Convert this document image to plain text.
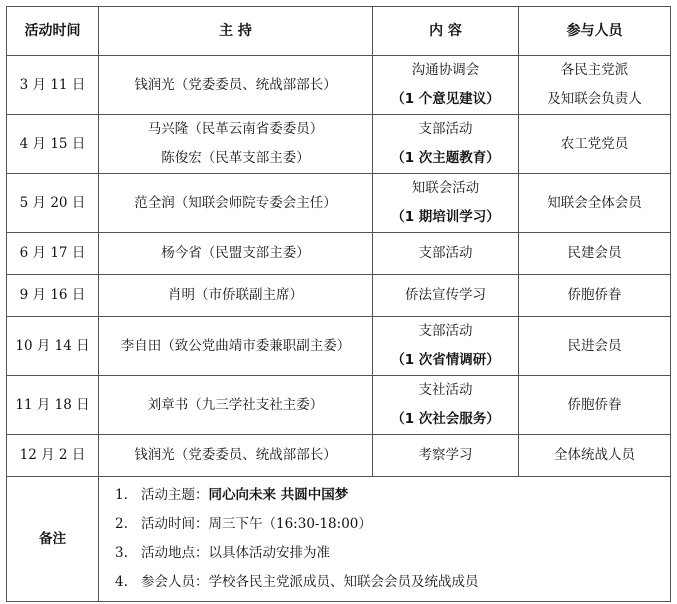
活动时间	主 持	内 容	参与人员
3 月 11 日	钱润光（党委委员、统战部部长）	沟通协调会
（1 个意见建议）	各民主党派
及知联会负责人

4 月 15 日	马兴隆（民革云南省委委员）
陈俊宏（民革支部主委）	支部活动
（1 次主题教育）	农工党党员

5 月 20 日	范全润（知联会师院专委会主任）	知联会活动
（1 期培训学习）	知联会全体会员

6 月 17 日	杨今省（民盟支部主委）	支部活动	民建会员

9 月 16 日	肖明（市侨联副主席）	侨法宣传学习	侨胞侨眷

10 月 14 日	李自田（致公党曲靖市委兼职副主委）	支部活动
（1 次省情调研）	民进会员

11 月 18 日	刘章书（九三学社支社主委）	支社活动
（1 次社会服务）	侨胞侨眷

12 月 2 日	钱润光（党委委员、统战部部长）	考察学习	全体统战人员

备注	1. 活动主题：同心向未来 共圆中国梦
2. 活动时间：周三下午（16:30-18:00）
3. 活动地点：以具体活动安排为准
4. 参会人员：学校各民主党派成员、知联会会员及统战成员		
